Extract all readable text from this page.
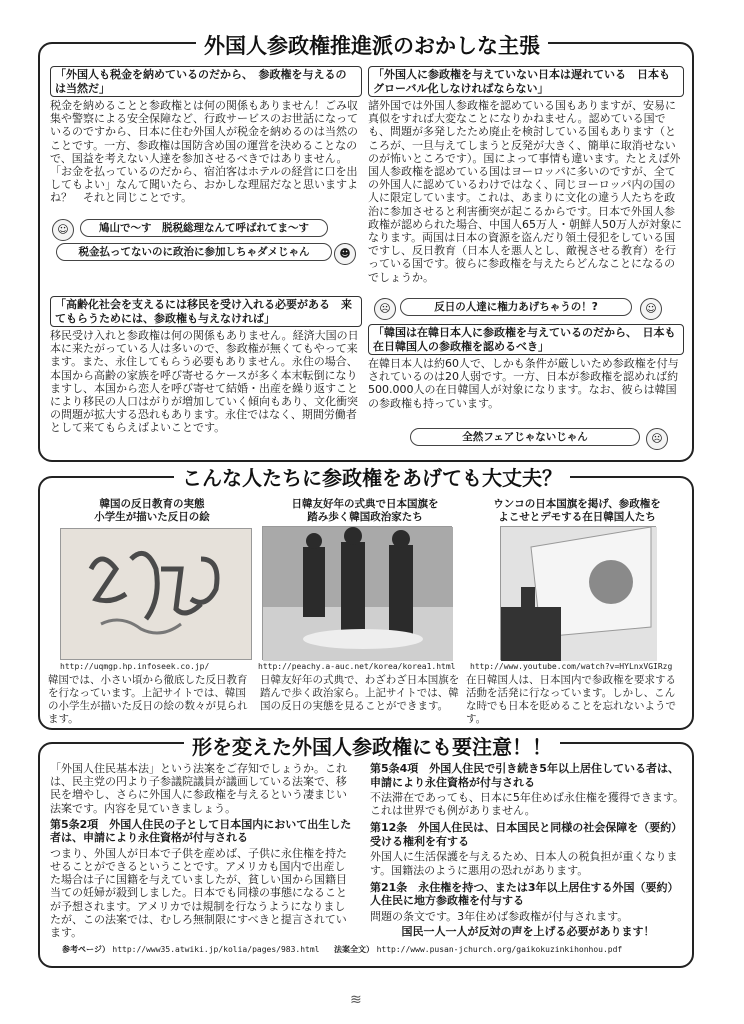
外国人参政権推進派のおかしな主張
「外国人も税金を納めているのだから、　参政権を与えるのは当然だ」

税金を納めることと参政権とは何の関係もありません！ごみ収集や警察による安全保障など、行政サービスのお世話になっているのですから、日本に住む外国人が税金を納めるのは当然のことです。一方、参政権は国防含め国の運営を決めることなので、国益を考えない人達を参加させるべきではありません。「お金を払っているのだから、宿泊客はホテルの経営に口を出してもよい」なんて聞いたら、おかしな理屈だなと思いますよね？　それと同じことです。

☺	鳩山で〜す　脱税総理なんて呼ばれてま〜す
税金払ってないのに政治に参加しちゃダメじゃん	☻
「高齢化社会を支えるには移民を受け入れる必要がある　来てもらうためには、参政権も与えなければ」

移民受け入れと参政権は何の関係もありません。経済大国の日本に来たがっている人は多いので、参政権が無くてもやって来ます。また、永住してもらう必要もありません。永住の場合、本国から高齢の家族を呼び寄せるケースが多く本末転倒になりますし、本国から恋人を呼び寄せて結婚・出産を繰り返すことにより移民の人口はがりが増加していく傾向もあり、文化衝突の問題が拡大する恐れもあります。永住ではなく、期間労働者として来てもらえばよいことです。

「外国人に参政権を与えていない日本は遅れている　日本もグローバル化しなければならない」

諸外国では外国人参政権を認めている国もありますが、安易に真似をすれば大変なことになりかねません。認めている国でも、問題が多発したため廃止を検討している国もあります（ところが、一旦与えてしまうと反発が大きく、簡単に取消せないのが怖いところです）。国によって事情も違います。たとえば外国人参政権を認めている国はヨーロッパに多いのですが、全ての外国人に認めているわけではなく、同じヨーロッパ内の国の人に限定しています。これは、あまりに文化の違う人たちを政治に参加させると利害衝突が起こるからです。日本で外国人参政権が認められた場合、中国人65万人・朝鮮人50万人が対象になります。両国は日本の資源を盗んだり領土侵犯をしている国ですし、反日教育（日本人を悪人とし、敵視させる教育）を行っている国です。彼らに参政権を与えたらどんなことになるのでしょうか。

☹	反日の人達に権力あげちゃうの！?	☺
「韓国は在韓日本人に参政権を与えているのだから、　日本も在日韓国人の参政権を認めるべき」

在韓日本人は約60人で、しかも条件が厳しいため参政権を付与されているのは20人弱です。一方、日本が参政権を認めれば約500.000人の在日韓国人が対象になります。なお、彼らは韓国の参政権も持っています。

全然フェアじゃないじゃん	☹
こんな人たちに参政権をあげても大丈夫？
韓国の反日教育の実態
小学生が描いた反日の絵
http://uqmgp.hp.infoseek.co.jp/
韓国では、小さい頃から徹底した反日教育を行なっています。上記サイトでは、韓国の小学生が描いた反日の絵の数々が見られます。
日韓友好年の式典で日本国旗を
踏み歩く韓国政治家たち
http://peachy.a-auc.net/korea/korea1.html
日韓友好年の式典で、わざわざ日本国旗を踏んで歩く政治家ら。上記サイトでは、韓国の反日の実態を見ることができます。
ウンコの日本国旗を掲げ、参政権を
よこせとデモする在日韓国人たち
http://www.youtube.com/watch?v=HYLnxVGIRzg
在日韓国人は、日本国内で参政権を要求する活動を活発に行なっています。しかし、こんな時でも日本を貶めることを忘れないようです。
形を変えた外国人参政権にも要注意！！

「外国人住民基本法」という法案をご存知でしょうか。これは、民主党の円より子参議院議員が議画している法案で、移民を増やし、さらに外国人に参政権を与えるという凄まじい法案です。内容を見ていきましょう。

第5条2項　外国人住民の子として日本国内において出生した者は、申請により永住資格が付与される

つまり、外国人が日本で子供を産めば、子供に永住権を持たせることができるということです。アメリカも国内で出産した場合は子に国籍を与えていましたが、貧しい国から国籍目当ての妊婦が殺到しました。日本でも同様の事態になることが予想されます。アメリカでは規制を行なうようになりましたが、この法案では、むしろ無制限にすべきと提言されています。

第5条4項　外国人住民で引き続き5年以上居住している者は、申請により永住資格が付与される

不法滞在であっても、日本に5年住めば永住権を獲得できます。これは世界でも例がありません。

第12条　外国人住民は、日本国民と同様の社会保障を（要約）受ける権利を有する

外国人に生活保護を与えるため、日本人の税負担が重くなります。国籍法のように悪用の恐れがあります。

第21条　永住権を持つ、または3年以上居住する外国（要約）人住民に地方参政権を付与する

問題の条文です。3年住めば参政権が付与されます。

国民一人一人が反対の声を上げる必要があります！

参考ページ） http://www35.atwiki.jp/kolia/pages/983.html 法案全文） http://www.pusan-jchurch.org/gaikokuzinkihonhou.pdf
≋
